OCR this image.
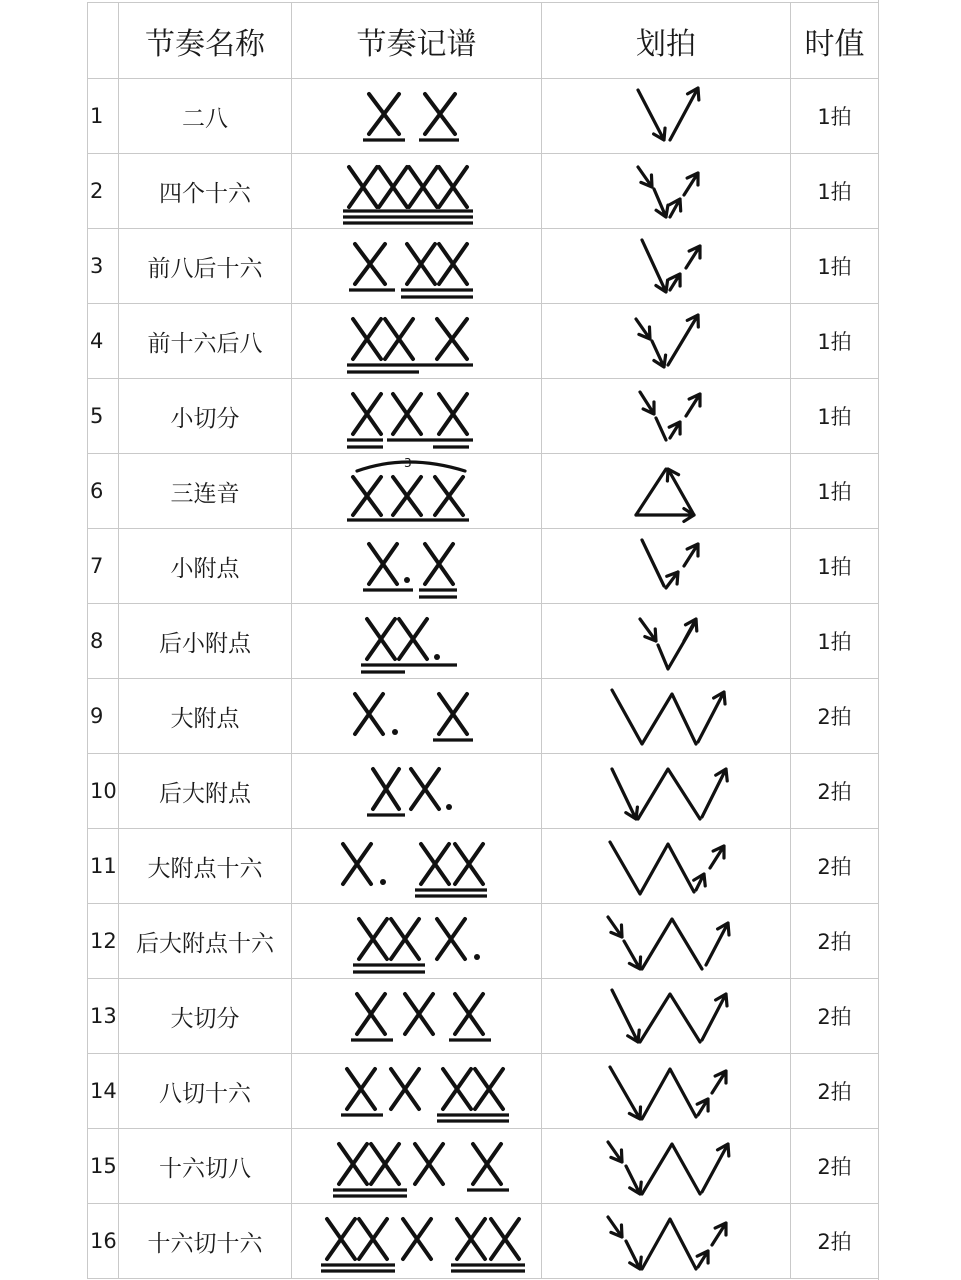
	节奏名称	节奏记谱	划拍	时值
1	二八			1拍
2	四个十六			1拍
3	前八后十六			1拍
4	前十六后八			1拍
5	小切分			1拍
6	三连音	3		1拍
7	小附点			1拍
8	后小附点			1拍
9	大附点			2拍
10	后大附点			2拍
11	大附点十六			2拍
12	后大附点十六			2拍
13	大切分			2拍
14	八切十六			2拍
15	十六切八			2拍
16	十六切十六			2拍
